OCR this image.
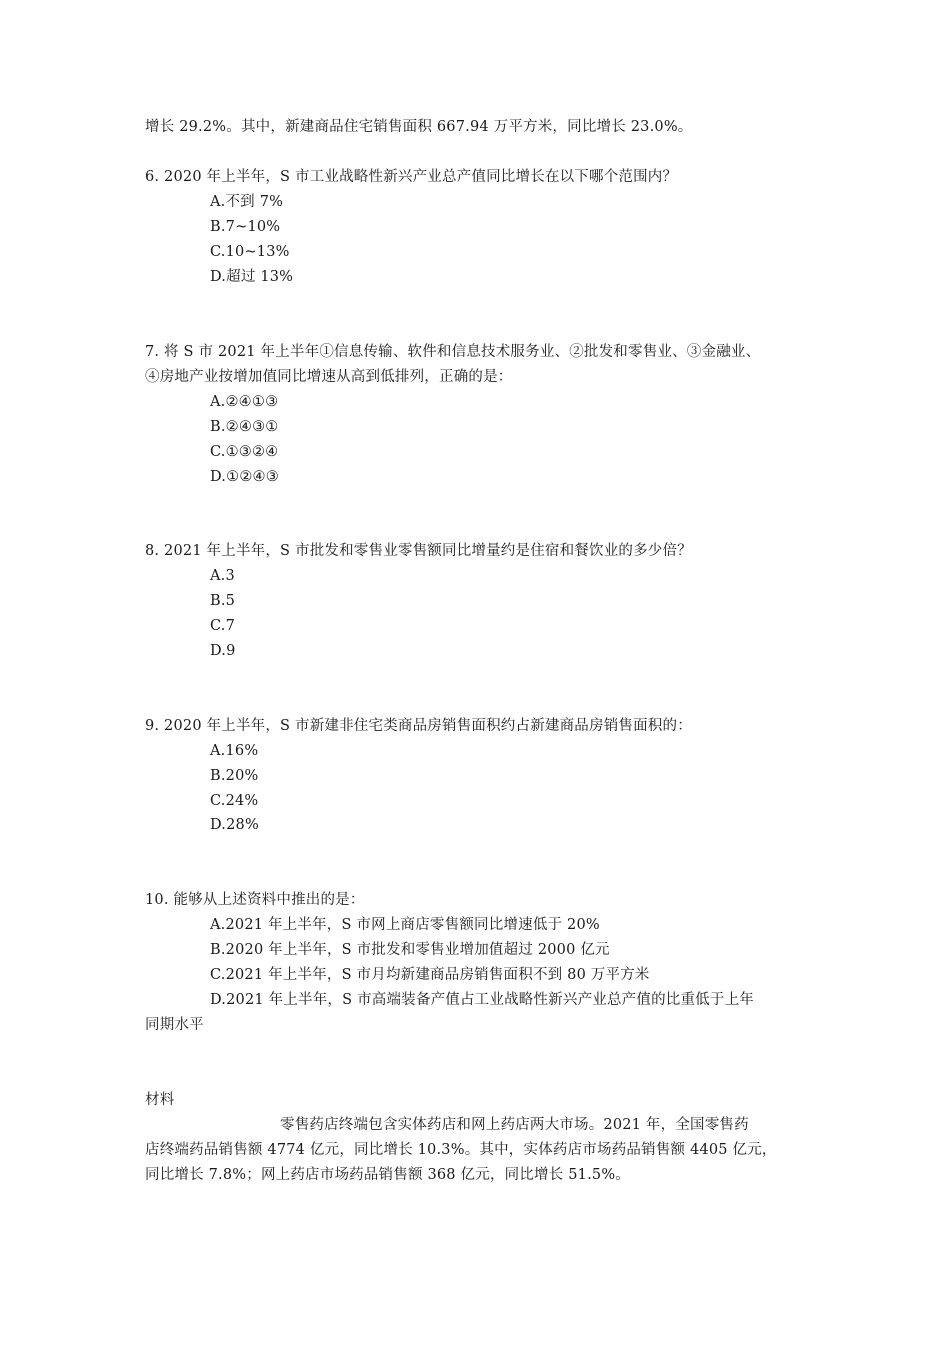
增长 29.2%。其中，新建商品住宅销售面积 667.94 万平方米，同比增长 23.0%。
6. 2020 年上半年，S 市工业战略性新兴产业总产值同比增长在以下哪个范围内？
A.不到 7%
B.7~10%
C.10~13%
D.超过 13%
7. 将 S 市 2021 年上半年①信息传输、软件和信息技术服务业、②批发和零售业、③金融业、
④房地产业按增加值同比增速从高到低排列，正确的是：
A.②④①③
B.②④③①
C.①③②④
D.①②④③
8. 2021 年上半年，S 市批发和零售业零售额同比增量约是住宿和餐饮业的多少倍？
A.3
B.5
C.7
D.9
9. 2020 年上半年，S 市新建非住宅类商品房销售面积约占新建商品房销售面积的：
A.16%
B.20%
C.24%
D.28%
10. 能够从上述资料中推出的是：
A.2021 年上半年，S 市网上商店零售额同比增速低于 20%
B.2020 年上半年，S 市批发和零售业增加值超过 2000 亿元
C.2021 年上半年，S 市月均新建商品房销售面积不到 80 万平方米
D.2021 年上半年，S 市高端装备产值占工业战略性新兴产业总产值的比重低于上年
同期水平
材料
零售药店终端包含实体药店和网上药店两大市场。2021 年，全国零售药
店终端药品销售额 4774 亿元，同比增长 10.3%。其中，实体药店市场药品销售额 4405 亿元，
同比增长 7.8%；网上药店市场药品销售额 368 亿元，同比增长 51.5%。
